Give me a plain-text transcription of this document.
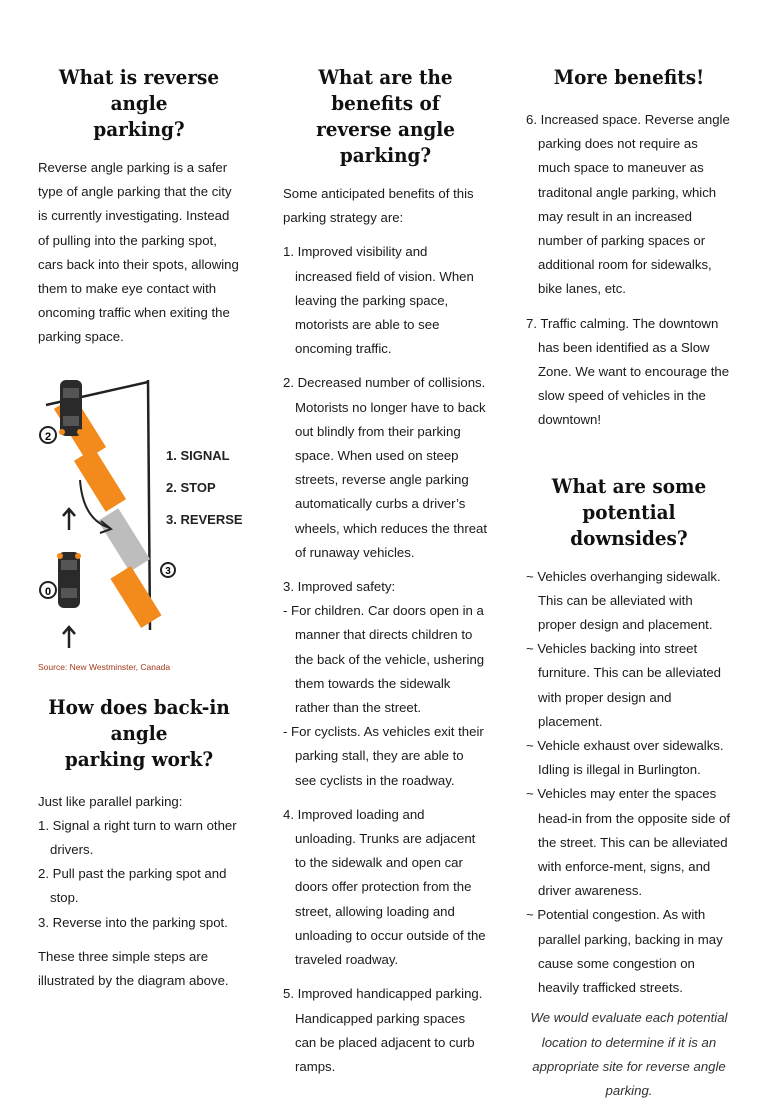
What is reverse angle
parking?

Reverse angle parking is a safer type of angle parking that the city is currently investigating. Instead of pulling into the parking spot, cars back into their spots, allowing them to make eye contact with oncoming traffic when exiting the parking space.

2
0
3
1. SIGNAL
2. STOP
3. REVERSE
Source: New Westminster, Canada
How does back-in angle
parking work?

Just like parallel parking:

1. Signal a right turn to warn other drivers.
2. Pull past the parking spot and stop.
3. Reverse into the parking spot.

These three simple steps are illustrated by the diagram above.

What are the benefits of
reverse angle parking?

Some anticipated benefits of this parking strategy are:

1. Improved visibility and increased field of vision. When leaving the parking space, motorists are able to see oncoming traffic.
2. Decreased number of collisions. Motorists no longer have to back out blindly from their parking space. When used on steep streets, reverse angle parking automatically curbs a driver’s wheels, which reduces the threat of runaway vehicles.
3. Improved safety:
- For children. Car doors open in a manner that directs children to the back of the vehicle, ushering them towards the sidewalk rather than the street.
- For cyclists. As vehicles exit their parking stall, they are able to see cyclists in the roadway.
4. Improved loading and unloading. Trunks are adjacent to the sidewalk and open car doors offer protection from the street, allowing loading and unloading to occur outside of the traveled roadway.
5. Improved handicapped parking. Handicapped parking spaces can be placed adjacent to curb ramps.
More benefits!
6. Increased space. Reverse angle parking does not require as much space to maneuver as traditonal angle parking, which may result in an increased number of parking spaces or additional room for sidewalks, bike lanes, etc.
7. Traffic calming. The downtown has been identified as a Slow Zone. We want to encourage the slow speed of vehicles in the downtown!
What are some potential
downsides?
~ Vehicles overhanging sidewalk. This can be alleviated with proper design and placement.
~ Vehicles backing into street furniture. This can be alleviated with proper design and placement.
~ Vehicle exhaust over sidewalks. Idling is illegal in Burlington.
~ Vehicles may enter the spaces head-in from the opposite side of the street. This can be alleviated with enforce-ment, signs, and driver awareness.
~ Potential congestion. As with parallel parking, backing in may cause some congestion on heavily trafficked streets.

We would evaluate each potential location to determine if it is an appropriate site for reverse angle parking.
